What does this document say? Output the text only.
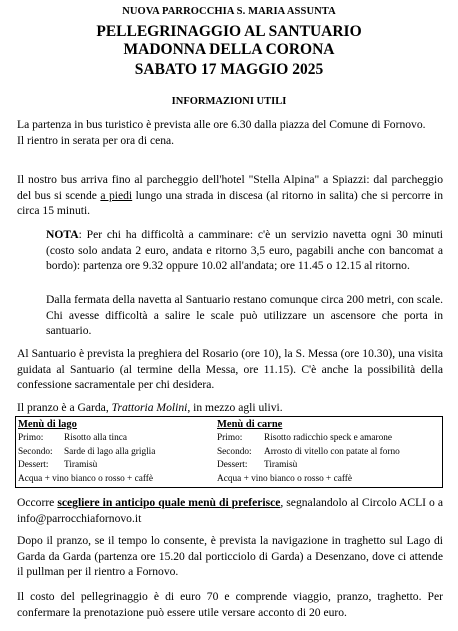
NUOVA PARROCCHIA S. MARIA ASSUNTA
PELLEGRINAGGIO AL SANTUARIO
MADONNA DELLA CORONA
SABATO 17 MAGGIO 2025
INFORMAZIONI UTILI
La partenza in bus turistico è prevista alle ore 6.30 dalla piazza del Comune di Fornovo.
Il rientro in serata per ora di cena.
Il nostro bus arriva fino al parcheggio dell'hotel "Stella Alpina" a Spiazzi: dal parcheggio del bus si scende a piedi lungo una strada in discesa (al ritorno in salita) che si percorre in circa 15 minuti.
NOTA: Per chi ha difficoltà a camminare: c'è un servizio navetta ogni 30 minuti (costo solo andata 2 euro, andata e ritorno 3,5 euro, pagabili anche con bancomat a bordo): partenza ore 9.32 oppure 10.02 all'andata; ore 11.45 o 12.15 al ritorno.
Dalla fermata della navetta al Santuario restano comunque circa 200 metri, con scale. Chi avesse difficoltà a salire le scale può utilizzare un ascensore che porta in santuario.
Al Santuario è prevista la preghiera del Rosario (ore 10), la S. Messa (ore 10.30), una visita guidata al Santuario (al termine della Messa, ore 11.15). C'è anche la possibilità della confessione sacramentale per chi desidera.
Il pranzo è a Garda, Trattoria Molini, in mezzo agli ulivi.
Menù di lago
Primo: Risotto alla tinca
Secondo: Sarde di lago alla griglia
Dessert: Tiramisù
Acqua + vino bianco o rosso + caffè
Menù di carne
Primo: Risotto radicchio speck e amarone
Secondo: Arrosto di vitello con patate al forno
Dessert: Tiramisù
Acqua + vino bianco o rosso + caffè
Occorre scegliere in anticipo quale menù di preferisce, segnalandolo al Circolo ACLI o a info@parrocchiafornovo.it
Dopo il pranzo, se il tempo lo consente, è prevista la navigazione in traghetto sul Lago di Garda da Garda (partenza ore 15.20 dal porticciolo di Garda) a Desenzano, dove ci attende il pullman per il rientro a Fornovo.
Il costo del pellegrinaggio è di euro 70 e comprende viaggio, pranzo, traghetto. Per confermare la prenotazione può essere utile versare acconto di 20 euro.
